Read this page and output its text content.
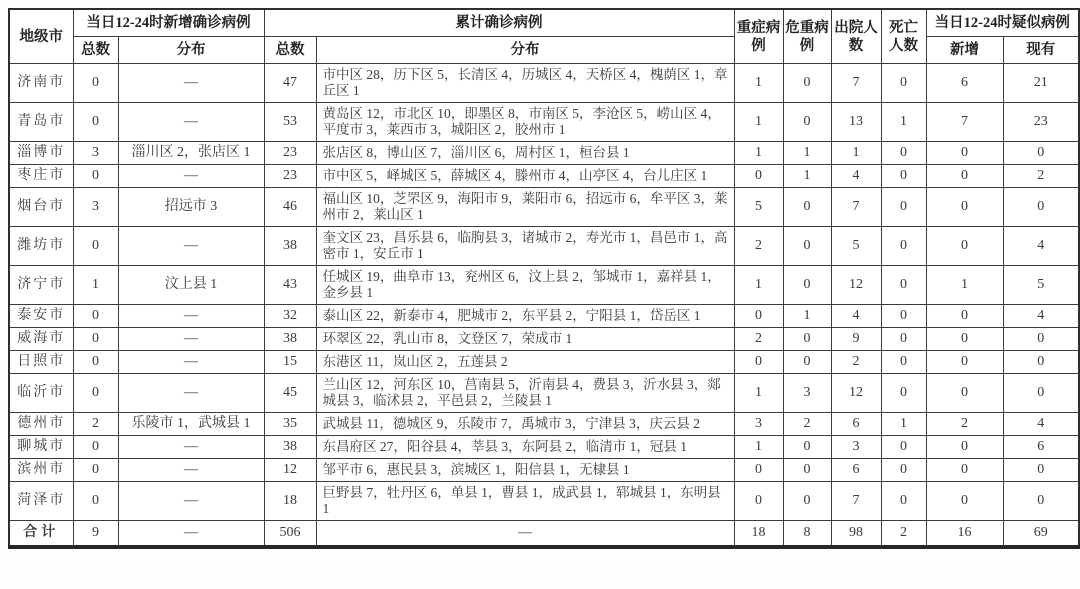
地级市	当日12-24时新增确诊病例		累计确诊病例		重症病例	危重病例	出院人数	死亡人数	当日12-24时疑似病例	
	总数	分布	总数	分布					新增	现有
济南市	0	—	47	市中区 28，历下区 5，长清区 4，历城区 4，天桥区 4，槐荫区 1，章丘区 1	1	0	7	0	6	21
青岛市	0	—	53	黄岛区 12，市北区 10，即墨区 8，市南区 5，李沧区 5，崂山区 4，平度市 3，莱西市 3，城阳区 2，胶州市 1	1	0	13	1	7	23
淄博市	3	淄川区 2，张店区 1	23	张店区 8，博山区 7，淄川区 6，周村区 1，桓台县 1	1	1	1	0	0	0
枣庄市	0	—	23	市中区 5，峄城区 5，薛城区 4，滕州市 4，山亭区 4，台儿庄区 1	0	1	4	0	0	2
烟台市	3	招远市 3	46	福山区 10，芝罘区 9，海阳市 9，莱阳市 6，招远市 6，牟平区 3，莱州市 2，莱山区 1	5	0	7	0	0	0
潍坊市	0	—	38	奎文区 23，昌乐县 6，临朐县 3，诸城市 2，寿光市 1，昌邑市 1，高密市 1，安丘市 1	2	0	5	0	0	4
济宁市	1	汶上县 1	43	任城区 19，曲阜市 13，兖州区 6，汶上县 2，邹城市 1，嘉祥县 1，金乡县 1	1	0	12	0	1	5
泰安市	0	—	32	泰山区 22，新泰市 4，肥城市 2，东平县 2，宁阳县 1，岱岳区 1	0	1	4	0	0	4
威海市	0	—	38	环翠区 22，乳山市 8，文登区 7，荣成市 1	2	0	9	0	0	0
日照市	0	—	15	东港区 11，岚山区 2，五莲县 2	0	0	2	0	0	0
临沂市	0	—	45	兰山区 12，河东区 10，莒南县 5，沂南县 4，费县 3，沂水县 3，郯城县 3，临沭县 2，平邑县 2，兰陵县 1	1	3	12	0	0	0
德州市	2	乐陵市 1，武城县 1	35	武城县 11，德城区 9，乐陵市 7，禹城市 3，宁津县 3，庆云县 2	3	2	6	1	2	4
聊城市	0	—	38	东昌府区 27，阳谷县 4，莘县 3，东阿县 2，临清市 1，冠县 1	1	0	3	0	0	6
滨州市	0	—	12	邹平市 6，惠民县 3，滨城区 1，阳信县 1，无棣县 1	0	0	6	0	0	0
菏泽市	0	—	18	巨野县 7，牡丹区 6，单县 1，曹县 1，成武县 1，郓城县 1，东明县 1	0	0	7	0	0	0
合计	9	—	506	—	18	8	98	2	16	69
